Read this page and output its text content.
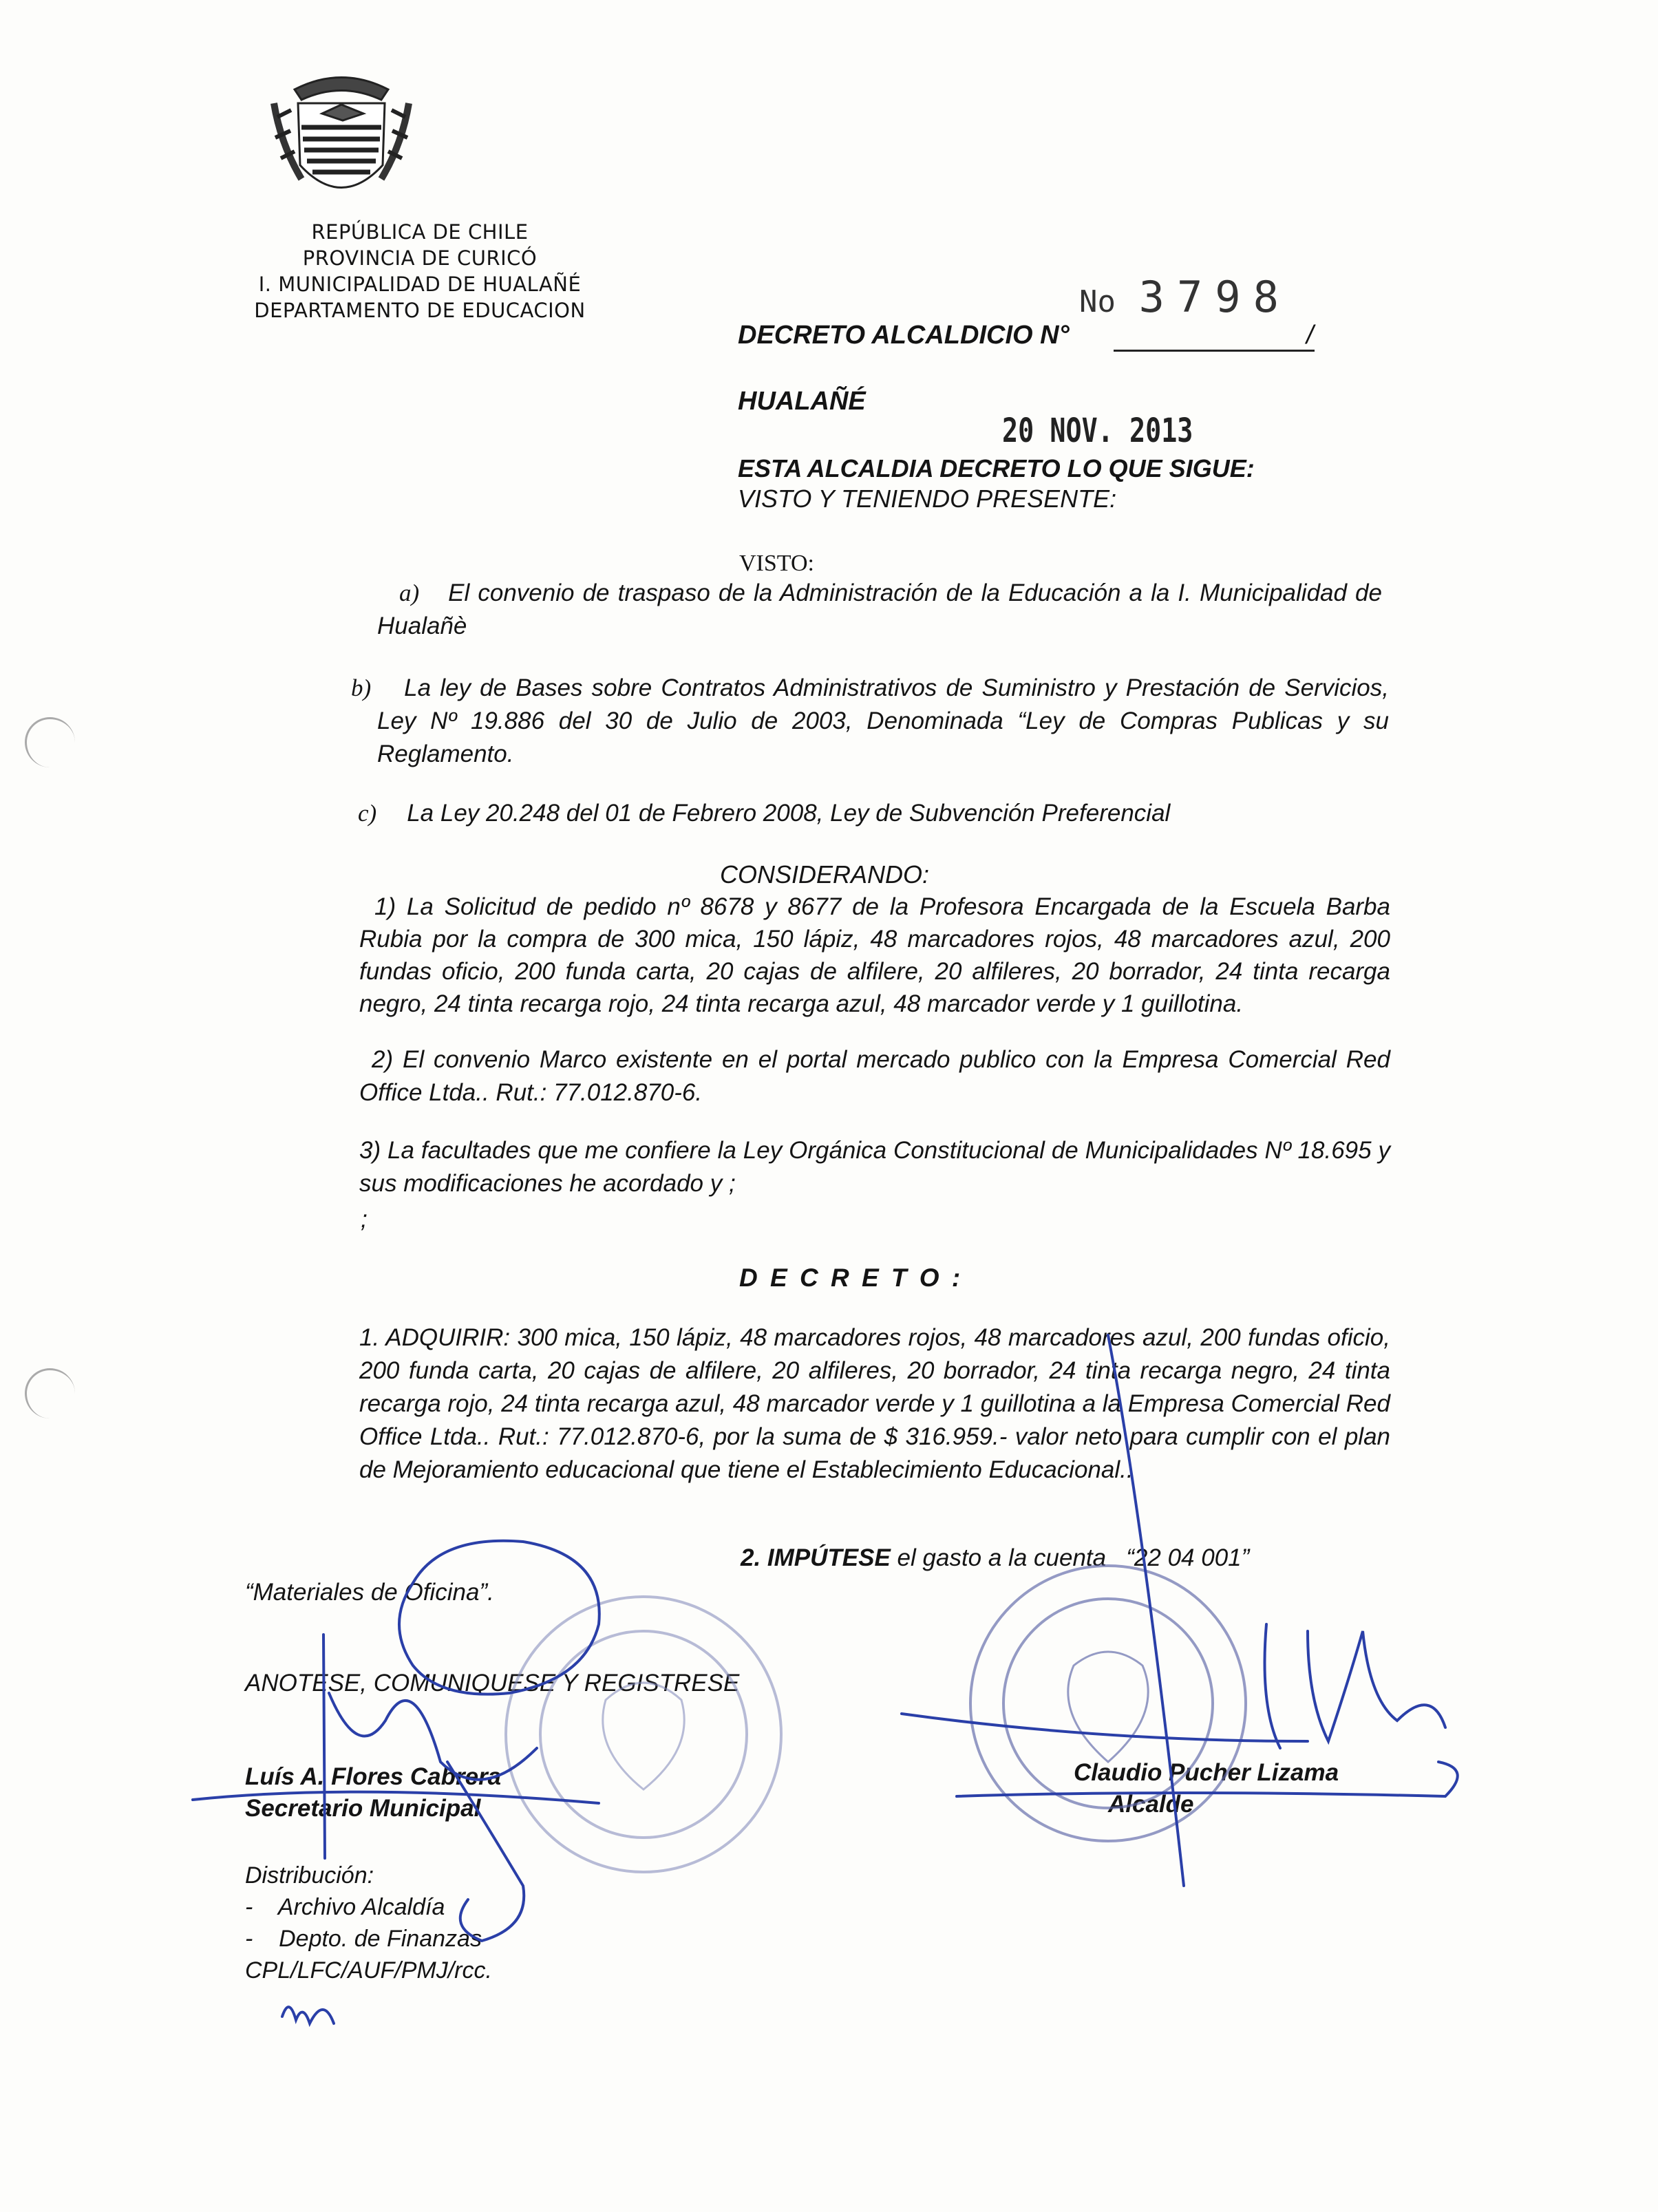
REPÚBLICA DE CHILE
PROVINCIA DE CURICÓ
I. MUNICIPALIDAD DE HUALAÑÉ
DEPARTAMENTO DE EDUCACION	No 3798
DECRETO ALCALDICIO N°	/
HUALAÑÉ
20 NOV. 2013
ESTA ALCALDIA DECRETO LO QUE SIGUE:
VISTO Y TENIENDO PRESENTE:
VISTO:
a) El convenio de traspaso de la Administración de la Educación a la I. Municipalidad de Hualañè
b) La ley de Bases sobre Contratos Administrativos de Suministro y Prestación de Servicios, Ley Nº 19.886 del 30 de Julio de 2003, Denominada “Ley de Compras Publicas y su Reglamento.
c) La Ley 20.248 del 01 de Febrero 2008, Ley de Subvención Preferencial
CONSIDERANDO:
1) La Solicitud de pedido nº 8678 y 8677 de la Profesora Encargada de la Escuela Barba Rubia por la compra de 300 mica, 150 lápiz, 48 marcadores rojos, 48 marcadores azul, 200 fundas oficio, 200 funda carta, 20 cajas de alfilere, 20 alfileres, 20 borrador, 24 tinta recarga negro, 24 tinta recarga rojo, 24 tinta recarga azul, 48 marcador verde y 1 guillotina.
2) El convenio Marco existente en el portal mercado publico con la Empresa Comercial Red Office Ltda.. Rut.: 77.012.870-6.
3) La facultades que me confiere la Ley Orgánica Constitucional de Municipalidades Nº 18.695 y sus modificaciones he acordado y ;
;
D E C R E T O :
1. ADQUIRIR: 300 mica, 150 lápiz, 48 marcadores rojos, 48 marcadores azul, 200 fundas oficio, 200 funda carta, 20 cajas de alfilere, 20 alfileres, 20 borrador, 24 tinta recarga negro, 24 tinta recarga rojo, 24 tinta recarga azul, 48 marcador verde y 1 guillotina a la Empresa Comercial Red Office Ltda.. Rut.: 77.012.870-6, por la suma de $ 316.959.- valor neto para cumplir con el plan de Mejoramiento educacional que tiene el Establecimiento Educacional..
2. IMPÚTESE el gasto a la cuenta   “22 04 001”
“Materiales de Oficina”.
ANOTESE, COMUNIQUESE Y REGISTRESE
Luís A. Flores Cabrera
Secretario Municipal
Claudio Pucher Lizama
Alcalde
Distribución:
-    Archivo Alcaldía
-    Depto. de Finanzas
CPL/LFC/AUF/PMJ/rcc.
